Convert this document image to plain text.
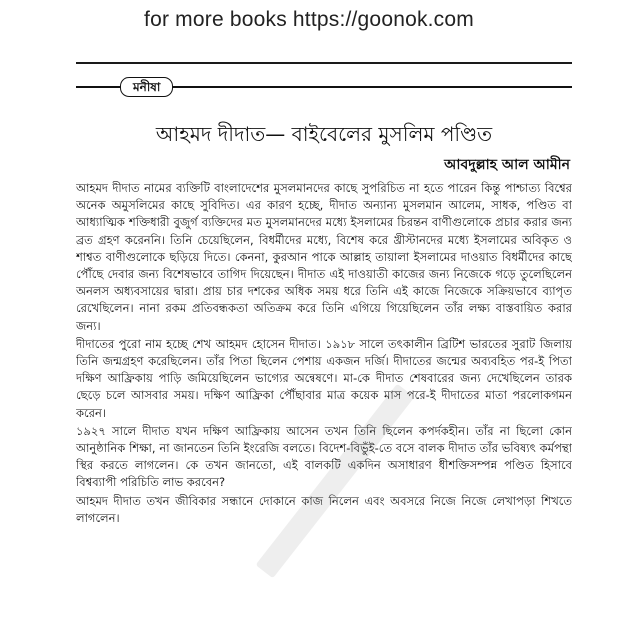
for more books https://goonok.com
মনীষা
আহমদ দীদাত— বাইবেলের মুসলিম পণ্ডিত
আবদুল্লাহ আল আমীন

আহমদ দীদাত নামের ব্যক্তিটি বাংলাদেশের মুসলমানদের কাছে সুপরিচিত না হতে পারেন কিন্তু পাশ্চাত্য বিশ্বের অনেক অমুসলিমের কাছে সুবিদিত। এর কারণ হচ্ছে, দীদাত অন্যান্য মুসলমান আলেম, সাধক, পণ্ডিত বা আধ্যাত্মিক শক্তিধারী বুজুর্গ ব্যক্তিদের মত মুসলমানদের মধ্যে ইসলামের চিরন্তন বাণীগুলোকে প্রচার করার জন্য ব্রত গ্রহণ করেননি। তিনি চেয়েছিলেন, বিধর্মীদের মধ্যে, বিশেষ করে খ্রীস্টানদের মধ্যে ইসলামের অবিকৃত ও শাশ্বত বাণীগুলোকে ছড়িয়ে দিতে। কেননা, কুরআন পাকে আল্লাহ তায়ালা ইসলামের দাওয়াত বিধর্মীদের কাছে পৌঁছে দেবার জন্য বিশেষভাবে তাগিদ দিয়েছেন। দীদাত এই দাওয়াতী কাজের জন্য নিজেকে গড়ে তুলেছিলেন অনলস অধ্যবসায়ের দ্বারা। প্রায় চার দশকের অধিক সময় ধরে তিনি এই কাজে নিজেকে সক্রিয়ভাবে ব্যাপৃত রেখেছিলেন। নানা রকম প্রতিবন্ধকতা অতিক্রম করে তিনি এগিয়ে গিয়েছিলেন তাঁর লক্ষ্য বাস্তবায়িত করার জন্য।

দীদাতের পুরো নাম হচ্ছে শেখ আহমদ হোসেন দীদাত। ১৯১৮ সালে তৎকালীন ব্রিটিশ ভারতের সুরাট জিলায় তিনি জন্মগ্রহণ করেছিলেন। তাঁর পিতা ছিলেন পেশায় একজন দর্জি। দীদাতের জন্মের অব্যবহিত পর-ই পিতা দক্ষিণ আফ্রিকায় পাড়ি জমিয়েছিলেন ভাগ্যের অন্বেষণে। মা-কে দীদাত শেষবারের জন্য দেখেছিলেন তারক ছেড়ে চলে আসবার সময়। দক্ষিণ আফ্রিকা পৌঁছাবার মাত্র কয়েক মাস পরে-ই দীদাতের মাতা পরলোকগমন করেন।

১৯২৭ সালে দীদাত যখন দক্ষিণ আফ্রিকায় আসেন তখন তিনি ছিলেন কপর্দকহীন। তাঁর না ছিলো কোন আনুষ্ঠানিক শিক্ষা, না জানতেন তিনি ইংরেজি বলতে। বিদেশ-বিভুঁই-তে বসে বালক দীদাত তাঁর ভবিষ্যৎ কর্মপন্থা স্থির করতে লাগলেন। কে তখন জানতো, এই বালকটি একদিন অসাধারণ ধীশক্তিসম্পন্ন পণ্ডিত হিসাবে বিশ্বব্যাপী পরিচিতি লাভ করবেন?

আহমদ দীদাত তখন জীবিকার সন্ধানে দোকানে কাজ নিলেন এবং অবসরে নিজে নিজে লেখাপড়া শিখতে লাগলেন।
